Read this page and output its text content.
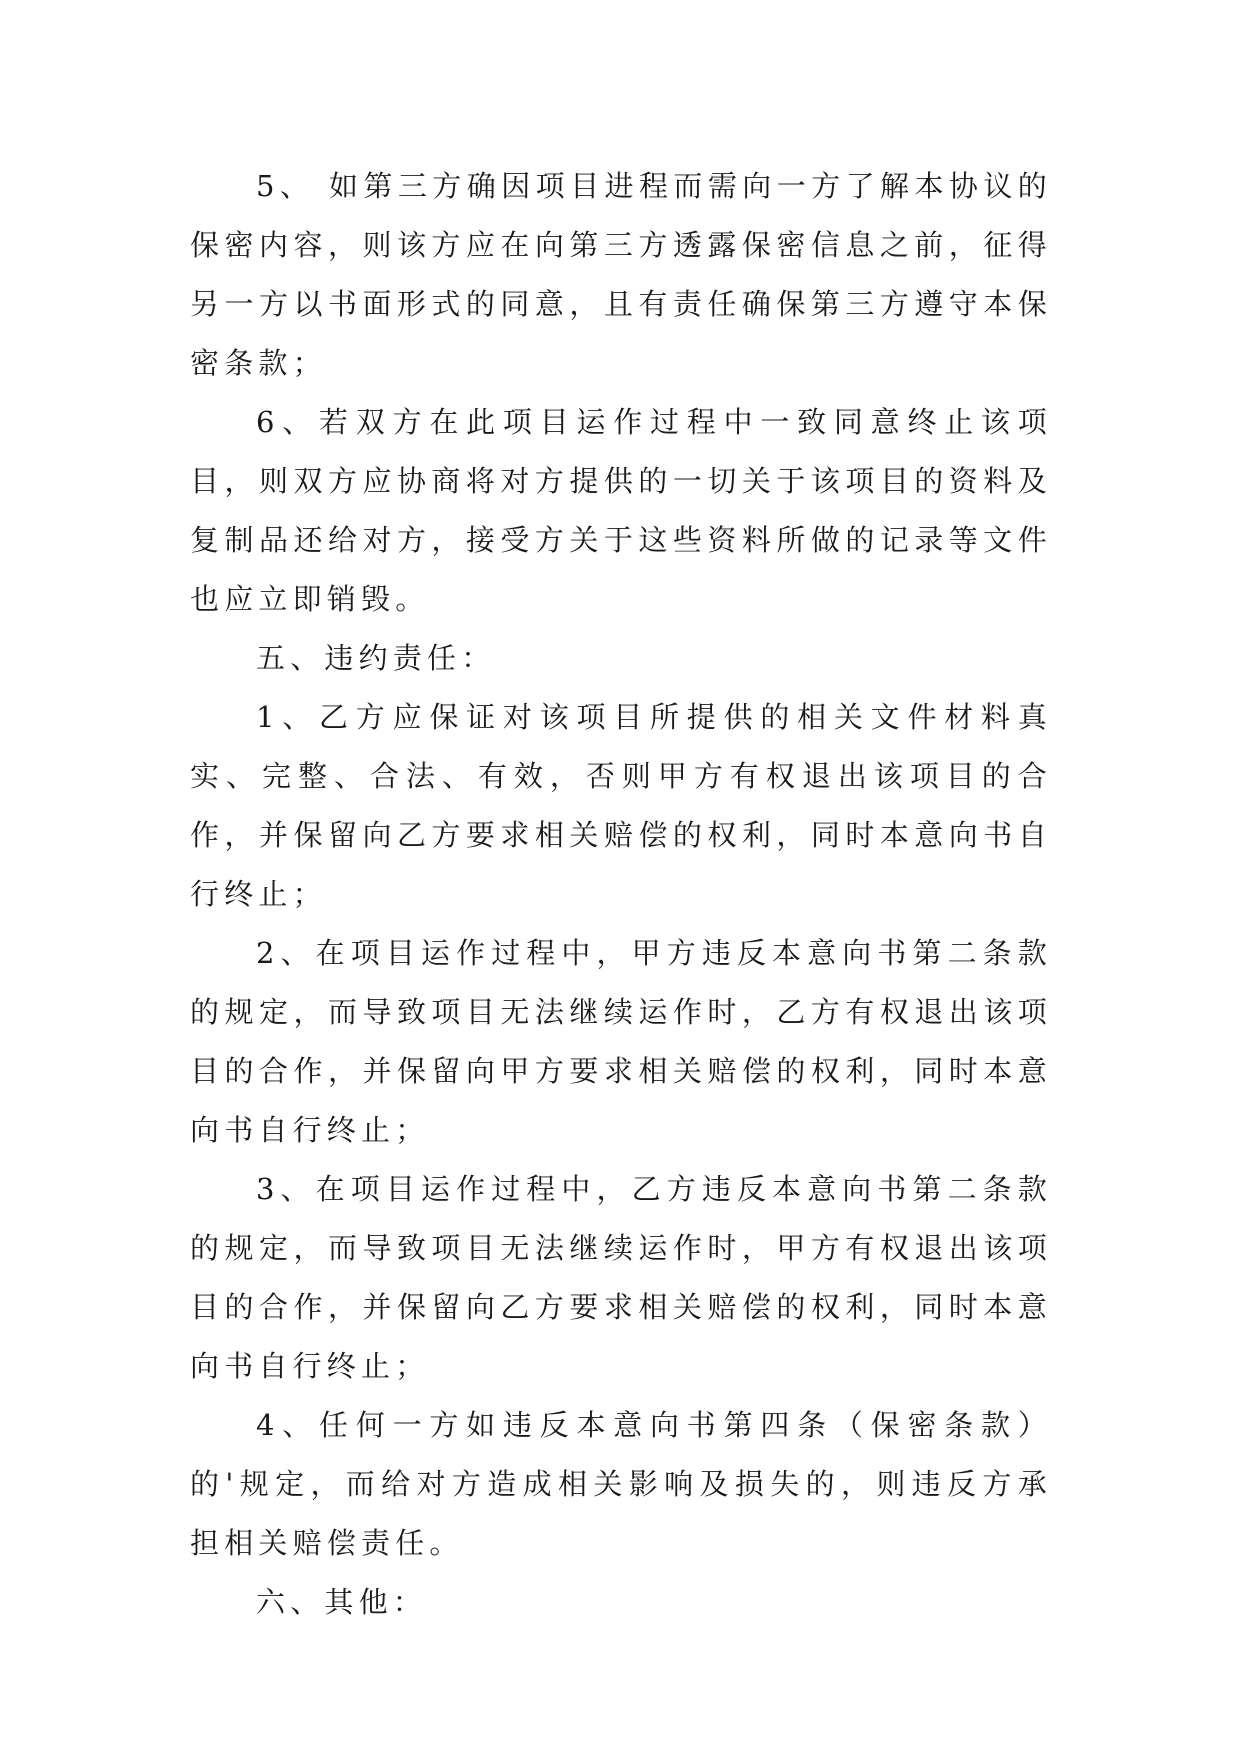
5、 如第三方确因项目进程而需向一方了解本协议的保密内容，则该方应在向第三方透露保密信息之前，征得另一方以书面形式的同意，且有责任确保第三方遵守本保密条款；

6、若双方在此项目运作过程中一致同意终止该项目，则双方应协商将对方提供的一切关于该项目的资料及复制品还给对方，接受方关于这些资料所做的记录等文件也应立即销毁。

五、违约责任：

1、乙方应保证对该项目所提供的相关文件材料真实、完整、合法、有效，否则甲方有权退出该项目的合作，并保留向乙方要求相关赔偿的权利，同时本意向书自行终止；

2、在项目运作过程中，甲方违反本意向书第二条款的规定，而导致项目无法继续运作时，乙方有权退出该项目的合作，并保留向甲方要求相关赔偿的权利，同时本意向书自行终止；

3、在项目运作过程中，乙方违反本意向书第二条款的规定，而导致项目无法继续运作时，甲方有权退出该项目的合作，并保留向乙方要求相关赔偿的权利，同时本意向书自行终止；

4、任何一方如违反本意向书第四条（保密条款）的'规定，而给对方造成相关影响及损失的，则违反方承担相关赔偿责任。

六、其他：
